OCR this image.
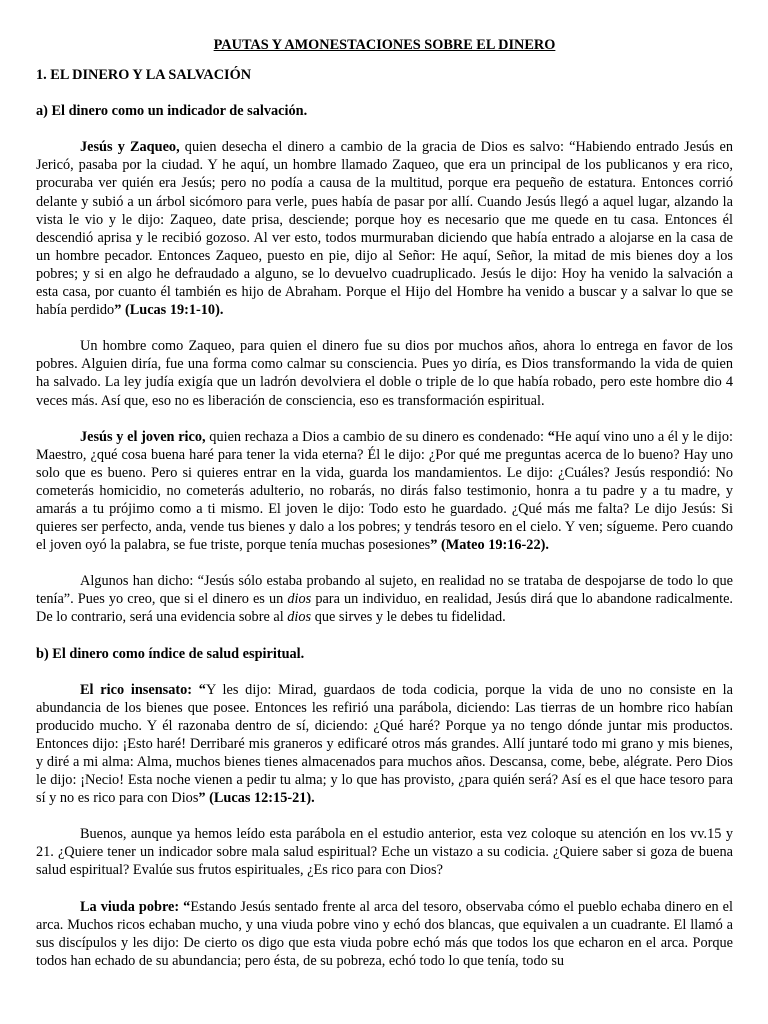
PAUTAS Y AMONESTACIONES SOBRE EL DINERO
1. EL DINERO Y LA SALVACIÓN
a) El dinero como un indicador de salvación.

Jesús y Zaqueo, quien desecha el dinero a cambio de la gracia de Dios es salvo: “Habiendo entrado Jesús en Jericó, pasaba por la ciudad. Y he aquí, un hombre llamado Zaqueo, que era un principal de los publicanos y era rico, procuraba ver quién era Jesús; pero no podía a causa de la multitud, porque era pequeño de estatura. Entonces corrió delante y subió a un árbol sicómoro para verle, pues había de pasar por allí. Cuando Jesús llegó a aquel lugar, alzando la vista le vio y le dijo: Zaqueo, date prisa, desciende; porque hoy es necesario que me quede en tu casa. Entonces él descendió aprisa y le recibió gozoso. Al ver esto, todos murmuraban diciendo que había entrado a alojarse en la casa de un hombre pecador. Entonces Zaqueo, puesto en pie, dijo al Señor: He aquí, Señor, la mitad de mis bienes doy a los pobres; y si en algo he defraudado a alguno, se lo devuelvo cuadruplicado. Jesús le dijo: Hoy ha venido la salvación a esta casa, por cuanto él también es hijo de Abraham. Porque el Hijo del Hombre ha venido a buscar y a salvar lo que se había perdido” (Lucas 19:1-10).

Un hombre como Zaqueo, para quien el dinero fue su dios por muchos años, ahora lo entrega en favor de los pobres. Alguien diría, fue una forma como calmar su consciencia. Pues yo diría, es Dios transformando la vida de quien ha salvado. La ley judía exigía que un ladrón devolviera el doble o triple de lo que había robado, pero este hombre dio 4 veces más. Así que, eso no es liberación de consciencia, eso es transformación espiritual.

Jesús y el joven rico, quien rechaza a Dios a cambio de su dinero es condenado: “He aquí vino uno a él y le dijo: Maestro, ¿qué cosa buena haré para tener la vida eterna? Él le dijo: ¿Por qué me preguntas acerca de lo bueno? Hay uno solo que es bueno. Pero si quieres entrar en la vida, guarda los mandamientos. Le dijo: ¿Cuáles? Jesús respondió: No cometerás homicidio, no cometerás adulterio, no robarás, no dirás falso testimonio, honra a tu padre y a tu madre, y amarás a tu prójimo como a ti mismo. El joven le dijo: Todo esto he guardado. ¿Qué más me falta? Le dijo Jesús: Si quieres ser perfecto, anda, vende tus bienes y dalo a los pobres; y tendrás tesoro en el cielo. Y ven; sígueme. Pero cuando el joven oyó la palabra, se fue triste, porque tenía muchas posesiones” (Mateo 19:16-22).

Algunos han dicho: “Jesús sólo estaba probando al sujeto, en realidad no se trataba de despojarse de todo lo que tenía”. Pues yo creo, que si el dinero es un dios para un individuo, en realidad, Jesús dirá que lo abandone radicalmente. De lo contrario, será una evidencia sobre al dios que sirves y le debes tu fidelidad.

b) El dinero como índice de salud espiritual.

El rico insensato: “Y les dijo: Mirad, guardaos de toda codicia, porque la vida de uno no consiste en la abundancia de los bienes que posee. Entonces les refirió una parábola, diciendo: Las tierras de un hombre rico habían producido mucho. Y él razonaba dentro de sí, diciendo: ¿Qué haré? Porque ya no tengo dónde juntar mis productos. Entonces dijo: ¡Esto haré! Derribaré mis graneros y edificaré otros más grandes. Allí juntaré todo mi grano y mis bienes, y diré a mi alma: Alma, muchos bienes tienes almacenados para muchos años. Descansa, come, bebe, alégrate. Pero Dios le dijo: ¡Necio! Esta noche vienen a pedir tu alma; y lo que has provisto, ¿para quién será? Así es el que hace tesoro para sí y no es rico para con Dios” (Lucas 12:15-21).

Buenos, aunque ya hemos leído esta parábola en el estudio anterior, esta vez coloque su atención en los vv.15 y 21. ¿Quiere tener un indicador sobre mala salud espiritual? Eche un vistazo a su codicia. ¿Quiere saber si goza de buena salud espiritual? Evalúe sus frutos espirituales, ¿Es rico para con Dios?

La viuda pobre: “Estando Jesús sentado frente al arca del tesoro, observaba cómo el pueblo echaba dinero en el arca. Muchos ricos echaban mucho, y una viuda pobre vino y echó dos blancas, que equivalen a un cuadrante. El llamó a sus discípulos y les dijo: De cierto os digo que esta viuda pobre echó más que todos los que echaron en el arca. Porque todos han echado de su abundancia; pero ésta, de su pobreza, echó todo lo que tenía, todo su
